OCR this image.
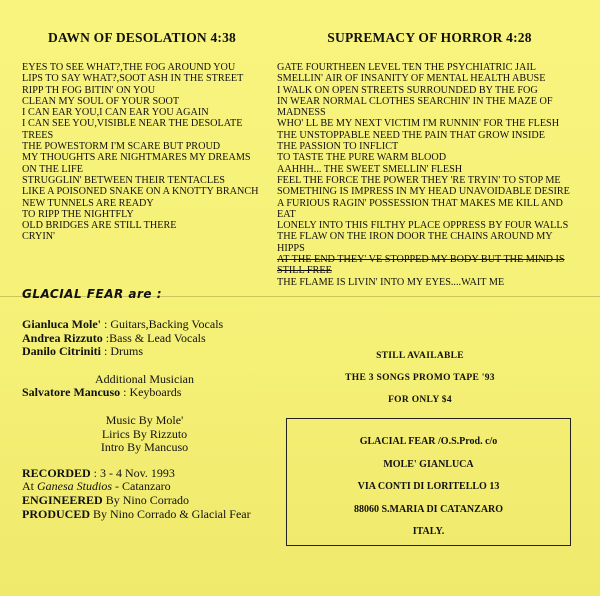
DAWN OF DESOLATION 4:38
EYES TO SEE WHAT?,THE FOG AROUND YOU
LIPS TO SAY WHAT?,SOOT ASH IN THE STREET
RIPP TH FOG BITIN' ON YOU
CLEAN MY SOUL OF YOUR SOOT
I CAN EAR YOU,I CAN EAR YOU AGAIN
I CAN SEE YOU,VISIBLE NEAR THE DESOLATE TREES
THE POWESTORM I'M SCARE BUT PROUD
MY THOUGHTS ARE NIGHTMARES MY DREAMS ON THE LIFE
STRUGGLIN' BETWEEN THEIR TENTACLES
LIKE A POISONED SNAKE ON A KNOTTY BRANCH
NEW TUNNELS ARE READY
TO RIPP THE NIGHTFLY
OLD BRIDGES ARE STILL THERE
CRYIN'
SUPREMACY OF HORROR 4:28
GATE FOURTHEEN LEVEL TEN THE PSYCHIATRIC JAIL
SMELLIN' AIR OF INSANITY OF MENTAL HEALTH ABUSE
I WALK ON OPEN STREETS SURROUNDED BY THE FOG
IN WEAR NORMAL CLOTHES SEARCHIN' IN THE MAZE OF MADNESS
WHO' LL BE MY NEXT VICTIM I'M RUNNIN' FOR THE FLESH
THE UNSTOPPABLE NEED THE PAIN THAT GROW INSIDE
THE PASSION TO INFLICT
TO TASTE THE PURE WARM BLOOD
AAHHH... THE SWEET SMELLIN' FLESH
FEEL THE FORCE THE POWER THEY 'RE TRYIN' TO STOP ME
SOMETHING IS IMPRESS IN MY HEAD UNAVOIDABLE DESIRE
A FURIOUS RAGIN' POSSESSION THAT MAKES ME KILL AND EAT
LONELY INTO THIS FILTHY PLACE OPPRESS BY FOUR WALLS
THE FLAW ON THE IRON DOOR THE CHAINS AROUND MY HIPPS
AT THE END THEY' VE STOPPED MY BODY BUT THE MIND IS STILL FREE
THE FLAME IS LIVIN' INTO MY EYES....WAIT ME
GLACIAL FEAR are :
Gianluca Mole' : Guitars,Backing Vocals
Andrea Rizzuto :Bass & Lead Vocals
Danilo Citriniti : Drums
Additional Musician
Salvatore Mancuso : Keyboards
Music By Mole'
Lirics By Rizzuto
Intro By Mancuso
RECORDED : 3 - 4 Nov. 1993
At Ganesa Studios - Catanzaro
ENGINEERED By Nino Corrado
PRODUCED By Nino Corrado & Glacial Fear
STILL AVAILABLE
THE 3 SONGS PROMO TAPE '93
FOR ONLY $4
GLACIAL FEAR /O.S.Prod. c/o
MOLE' GIANLUCA
VIA CONTI DI LORITELLO 13
88060 S.MARIA DI CATANZARO
ITALY.
